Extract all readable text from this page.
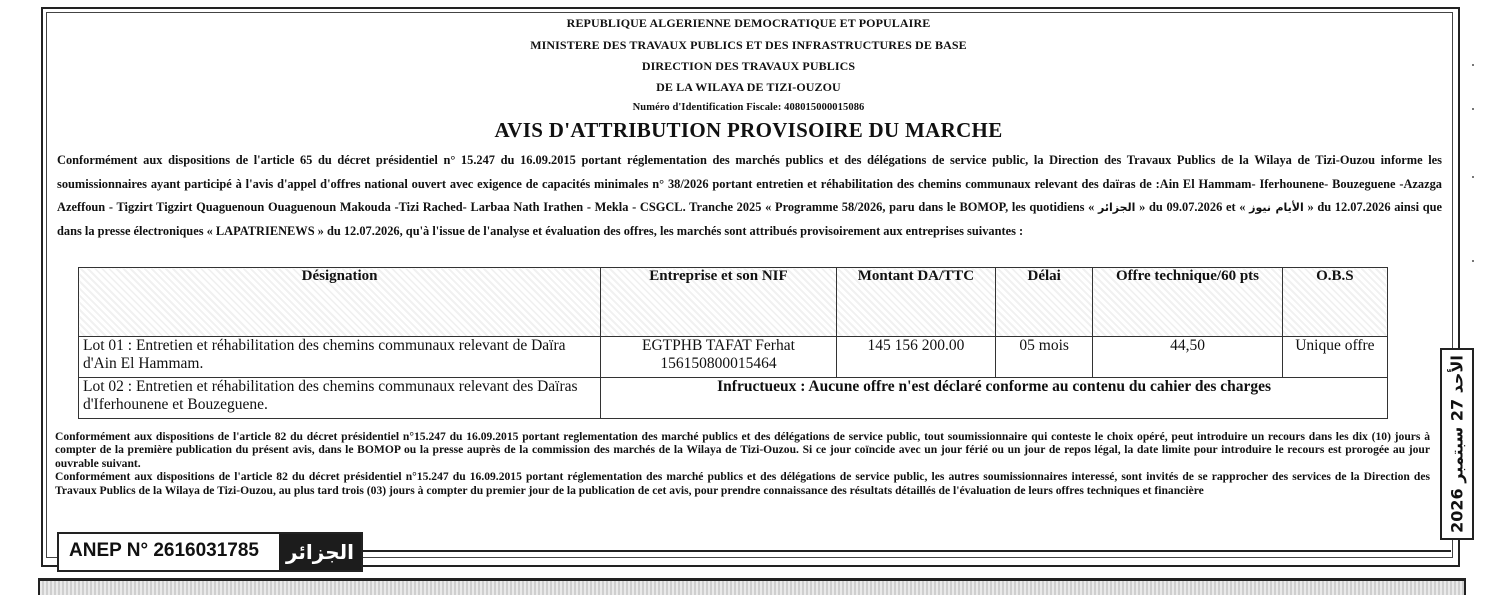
REPUBLIQUE ALGERIENNE DEMOCRATIQUE ET POPULAIRE
MINISTERE DES TRAVAUX PUBLICS ET DES INFRASTRUCTURES DE BASE
DIRECTION DES TRAVAUX PUBLICS
DE LA WILAYA DE TIZI-OUZOU
Numéro d'Identification Fiscale: 408015000015086
AVIS D'ATTRIBUTION PROVISOIRE DU MARCHE
Conformément aux dispositions de l'article 65 du décret présidentiel n° 15.247 du 16.09.2015 portant réglementation des marchés publics et des délégations de service public, la Direction des Travaux Publics de la Wilaya de Tizi-Ouzou informe les soumissionnaires ayant participé à l'avis d'appel d'offres national ouvert avec exigence de capacités minimales n° 38/2026 portant entretien et réhabilitation des chemins communaux relevant des daïras de :Ain El Hammam- Iferhounene- Bouzeguene -Azazga Azeffoun - Tigzirt Tigzirt Quaguenoun Ouaguenoun Makouda -Tizi Rached- Larbaa Nath Irathen - Mekla - CSGCL. Tranche 2025 « Programme 58/2026, paru dans le BOMOP, les quotidiens « الجزائر » du 09.07.2026 et « الأيام نيوز » du 12.07.2026 ainsi que dans la presse électroniques « LAPATRIENEWS » du 12.07.2026, qu'à l'issue de l'analyse et évaluation des offres, les marchés sont attribués provisoirement aux entreprises suivantes :
Désignation	Entreprise et son NIF	Montant DA/TTC	Délai	Offre technique/60 pts	O.B.S
Lot 01 : Entretien et réhabilitation des chemins communaux relevant de Daïra d'Ain El Hammam.	EGTPHB TAFAT Ferhat 156150800015464	145 156 200.00	05 mois	44,50	Unique offre
Lot 02 : Entretien et réhabilitation des chemins communaux relevant des Daïras d'Iferhounene et Bouzeguene.	Infructueux : Aucune offre n'est déclaré conforme au contenu du cahier des charges				

Conformément aux dispositions de l'article 82 du décret présidentiel n°15.247 du 16.09.2015 portant reglementation des marché publics et des délégations de service public, tout soumissionnaire qui conteste le choix opéré, peut introduire un recours dans les dix (10) jours à compter de la première publication du présent avis, dans le BOMOP ou la presse auprès de la commission des marchés de la Wilaya de Tizi-Ouzou. Si ce jour coïncide avec un jour férié ou un jour de repos légal, la date limite pour introduire le recours est prorogée au jour ouvrable suivant.

Conformément aux dispositions de l'article 82 du décret présidentiel n°15.247 du 16.09.2015 portant réglementation des marché publics et des délégations de service public, les autres soumissionnaires interessé, sont invités de se rapprocher des services de la Direction des Travaux Publics de la Wilaya de Tizi-Ouzou, au plus tard trois (03) jours à compter du premier jour de la publication de cet avis, pour prendre connaissance des résultats détaillés de l'évaluation de leurs offres techniques et financière

ANEP N° 2616031785	الجزائر
الأحد 27 سبتمبر 2026
